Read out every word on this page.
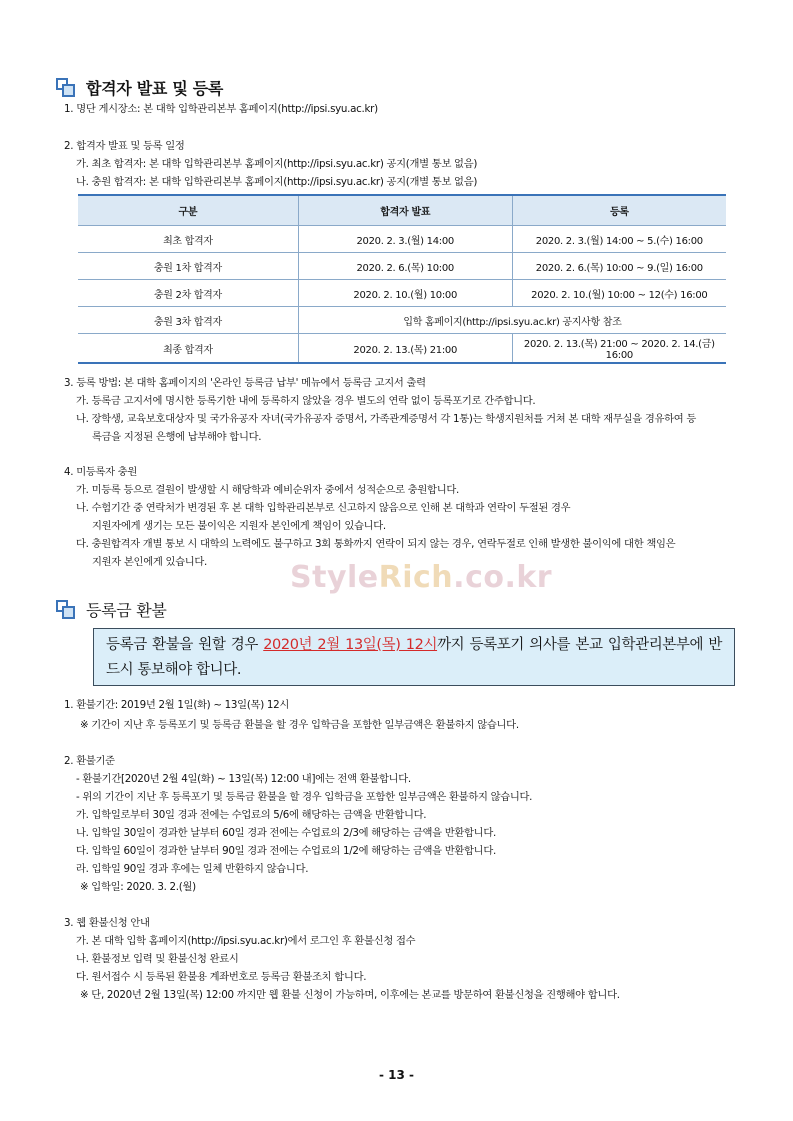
합격자 발표 및 등록
1. 명단 게시장소: 본 대학 입학관리본부 홈페이지(http://ipsi.syu.ac.kr)
2. 합격자 발표 및 등록 일정
가. 최초 합격자: 본 대학 입학관리본부 홈페이지(http://ipsi.syu.ac.kr) 공지(개별 통보 없음)
나. 충원 합격자: 본 대학 입학관리본부 홈페이지(http://ipsi.syu.ac.kr) 공지(개별 통보 없음)
구분	합격자 발표	등록
최초 합격자	2020. 2. 3.(월) 14:00	2020. 2. 3.(월) 14:00 ~ 5.(수) 16:00
충원 1차 합격자	2020. 2. 6.(목) 10:00	2020. 2. 6.(목) 10:00 ~ 9.(일) 16:00
충원 2차 합격자	2020. 2. 10.(월) 10:00	2020. 2. 10.(월) 10:00 ~ 12(수) 16:00
충원 3차 합격자	입학 홈페이지(http://ipsi.syu.ac.kr) 공지사항 참조	
최종 합격자	2020. 2. 13.(목) 21:00	2020. 2. 13.(목) 21:00 ~ 2020. 2. 14.(금) 16:00
3. 등록 방법: 본 대학 홈페이지의 '온라인 등록금 납부' 메뉴에서 등록금 고지서 출력
가. 등록금 고지서에 명시한 등록기한 내에 등록하지 않았을 경우 별도의 연락 없이 등록포기로 간주합니다.
나. 장학생, 교육보호대상자 및 국가유공자 자녀(국가유공자 증명서, 가족관계증명서 각 1통)는 학생지원처를 거쳐 본 대학 재무실을 경유하여 등
록금을 지정된 은행에 납부해야 합니다.
4. 미등록자 충원
가. 미등록 등으로 결원이 발생할 시 해당학과 예비순위자 중에서 성적순으로 충원합니다.
나. 수험기간 중 연락처가 변경된 후 본 대학 입학관리본부로 신고하지 않음으로 인해 본 대학과 연락이 두절된 경우
지원자에게 생기는 모든 불이익은 지원자 본인에게 책임이 있습니다.
다. 충원합격자 개별 통보 시 대학의 노력에도 불구하고 3회 통화까지 연락이 되지 않는 경우, 연락두절로 인해 발생한 불이익에 대한 책임은
지원자 본인에게 있습니다.	StyleRich.co.kr
등록금 환불
등록금 환불을 원할 경우 2020년 2월 13일(목) 12시까지 등록포기 의사를 본교 입학관리본부에 반드시 통보해야 합니다.
1. 환불기간: 2019년 2월 1일(화) ~ 13일(목) 12시
※ 기간이 지난 후 등록포기 및 등록금 환불을 할 경우 입학금을 포함한 일부금액은 환불하지 않습니다.
2. 환불기준
- 환불기간[2020년 2월 4일(화) ~ 13일(목) 12:00 내]에는 전액 환불합니다.
- 위의 기간이 지난 후 등록포기 및 등록금 환불을 할 경우 입학금을 포함한 일부금액은 환불하지 않습니다.
가. 입학일로부터 30일 경과 전에는 수업료의 5/6에 해당하는 금액을 반환합니다.
나. 입학일 30일이 경과한 날부터 60일 경과 전에는 수업료의 2/3에 해당하는 금액을 반환합니다.
다. 입학일 60일이 경과한 날부터 90일 경과 전에는 수업료의 1/2에 해당하는 금액을 반환합니다.
라. 입학일 90일 경과 후에는 일체 반환하지 않습니다.
※ 입학일: 2020. 3. 2.(월)
3. 웹 환불신청 안내
가. 본 대학 입학 홈페이지(http://ipsi.syu.ac.kr)에서 로그인 후 환불신청 접수
나. 환불정보 입력 및 환불신청 완료시
다. 원서접수 시 등록된 환불용 계좌번호로 등록금 환불조치 합니다.
※ 단, 2020년 2월 13일(목) 12:00 까지만 웹 환불 신청이 가능하며, 이후에는 본교를 방문하여 환불신청을 진행해야 합니다.
- 13 -
